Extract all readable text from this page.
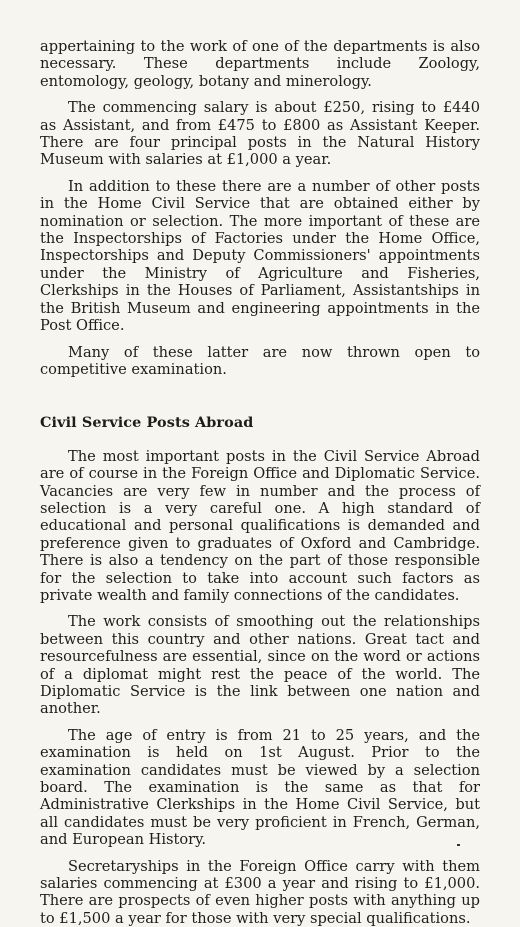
appertaining to the work of one of the departments is also necessary. These departments include Zoology, entomology, geology, botany and minerology.

The commencing salary is about £250, rising to £440 as Assistant, and from £475 to £800 as Assistant Keeper. There are four principal posts in the Natural History Museum with salaries at £1,000 a year.

In addition to these there are a number of other posts in the Home Civil Service that are obtained either by nomination or selection. The more important of these are the Inspectorships of Factories under the Home Office, Inspectorships and Deputy Commissioners' appointments under the Ministry of Agriculture and Fisheries, Clerkships in the Houses of Parliament, Assistantships in the British Museum and engineering appointments in the Post Office.

Many of these latter are now thrown open to competitive examination.

Civil Service Posts Abroad

The most important posts in the Civil Service Abroad are of course in the Foreign Office and Diplomatic Service. Vacancies are very few in number and the process of selection is a very careful one. A high standard of educational and personal qualifications is demanded and preference given to graduates of Oxford and Cambridge. There is also a tendency on the part of those responsible for the selection to take into account such factors as private wealth and family connections of the candidates.

The work consists of smoothing out the relationships between this country and other nations. Great tact and resourcefulness are essential, since on the word or actions of a diplomat might rest the peace of the world. The Diplomatic Service is the link between one nation and another.

The age of entry is from 21 to 25 years, and the examination is held on 1st August. Prior to the examination candidates must be viewed by a selection board. The examination is the same as that for Administrative Clerkships in the Home Civil Service, but all candidates must be very proficient in French, German, and European History.

Secretaryships in the Foreign Office carry with them salaries commencing at £300 a year and rising to £1,000. There are prospects of even higher posts with anything up to £1,500 a year for those with very special qualifications.
